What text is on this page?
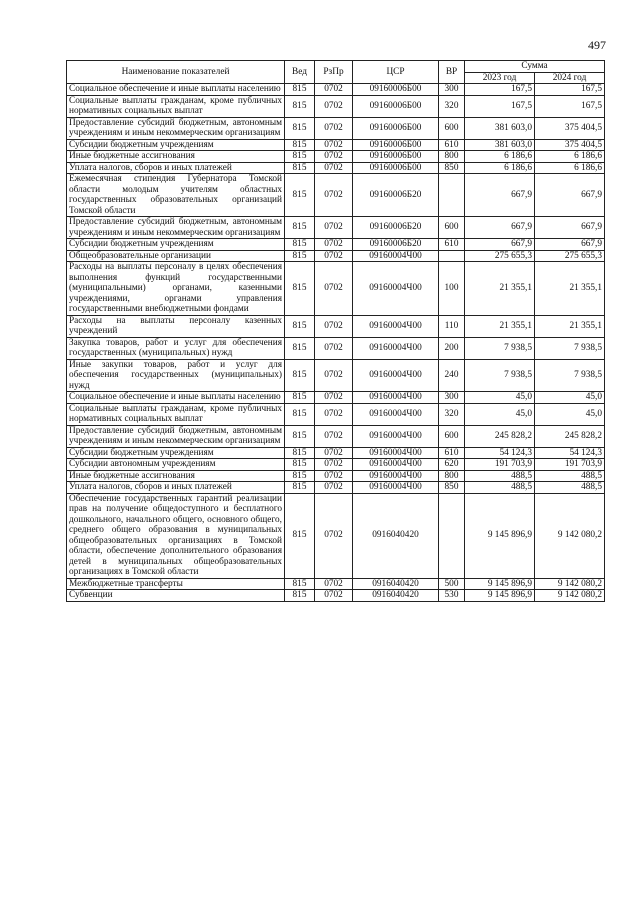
497
Наименование показателей	Вед	РзПр	ЦСР	ВР	Сумма	
					2023 год	2024 год
Социальное обеспечение и иные выплаты населению	815	0702	09160006Б00	300	167,5	167,5
Социальные выплаты гражданам, кроме публичных нормативных социальных выплат	815	0702	09160006Б00	320	167,5	167,5
Предоставление субсидий бюджетным, автономным учреждениям и иным некоммерческим организациям	815	0702	09160006Б00	600	381 603,0	375 404,5
Субсидии бюджетным учреждениям	815	0702	09160006Б00	610	381 603,0	375 404,5
Иные бюджетные ассигнования	815	0702	09160006Б00	800	6 186,6	6 186,6
Уплата налогов, сборов и иных платежей	815	0702	09160006Б00	850	6 186,6	6 186,6
Ежемесячная стипендия Губернатора Томской области молодым учителям областных государственных образовательных организаций Томской области	815	0702	09160006Б20		667,9	667,9
Предоставление субсидий бюджетным, автономным учреждениям и иным некоммерческим организациям	815	0702	09160006Б20	600	667,9	667,9
Субсидии бюджетным учреждениям	815	0702	09160006Б20	610	667,9	667,9
Общеобразовательные организации	815	0702	09160004Ч00		275 655,3	275 655,3
Расходы на выплаты персоналу в целях обеспечения выполнения функций государственными (муниципальными) органами, казенными учреждениями, органами управления государственными внебюджетными фондами	815	0702	09160004Ч00	100	21 355,1	21 355,1
Расходы на выплаты персоналу казенных учреждений	815	0702	09160004Ч00	110	21 355,1	21 355,1
Закупка товаров, работ и услуг для обеспечения государственных (муниципальных) нужд	815	0702	09160004Ч00	200	7 938,5	7 938,5
Иные закупки товаров, работ и услуг для обеспечения государственных (муниципальных) нужд	815	0702	09160004Ч00	240	7 938,5	7 938,5
Социальное обеспечение и иные выплаты населению	815	0702	09160004Ч00	300	45,0	45,0
Социальные выплаты гражданам, кроме публичных нормативных социальных выплат	815	0702	09160004Ч00	320	45,0	45,0
Предоставление субсидий бюджетным, автономным учреждениям и иным некоммерческим организациям	815	0702	09160004Ч00	600	245 828,2	245 828,2
Субсидии бюджетным учреждениям	815	0702	09160004Ч00	610	54 124,3	54 124,3
Субсидии автономным учреждениям	815	0702	09160004Ч00	620	191 703,9	191 703,9
Иные бюджетные ассигнования	815	0702	09160004Ч00	800	488,5	488,5
Уплата налогов, сборов и иных платежей	815	0702	09160004Ч00	850	488,5	488,5
Обеспечение государственных гарантий реализации прав на получение общедоступного и бесплатного дошкольного, начального общего, основного общего, среднего общего образования в муниципальных общеобразовательных организациях в Томской области, обеспечение дополнительного образования детей в муниципальных общеобразовательных организациях в Томской области	815	0702	0916040420		9 145 896,9	9 142 080,2
Межбюджетные трансферты	815	0702	0916040420	500	9 145 896,9	9 142 080,2
Субвенции	815	0702	0916040420	530	9 145 896,9	9 142 080,2
